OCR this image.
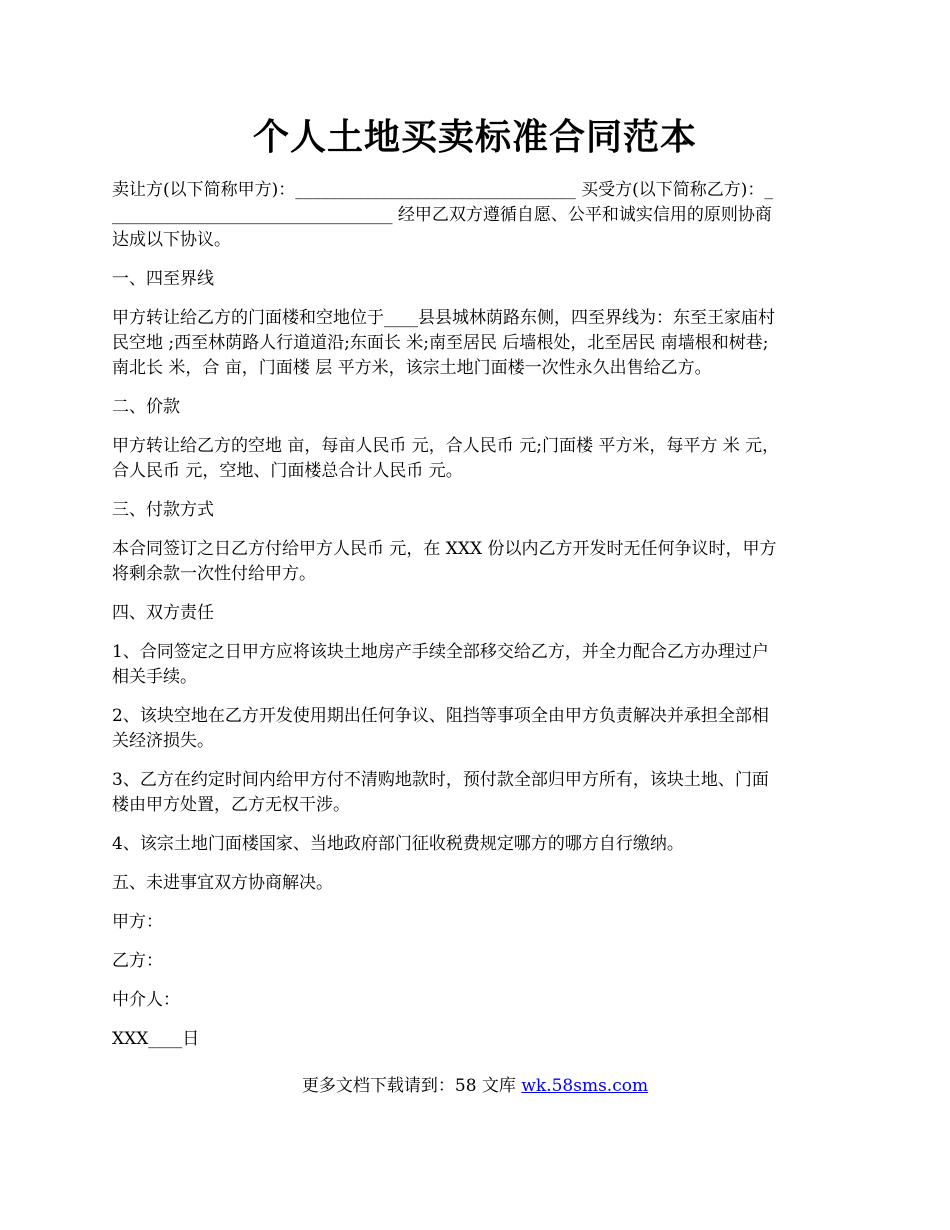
个人土地买卖标准合同范本
卖让方(以下简称甲方)：_________________________________ 买受方(以下简称乙方)：_
_________________________________ 经甲乙双方遵循自愿、公平和诚实信用的原则协商
达成以下协议。
一、四至界线
甲方转让给乙方的门面楼和空地位于____县县城林荫路东侧，四至界线为：东至王家庙村
民空地 ;西至林荫路人行道道沿;东面长 米;南至居民 后墙根处，北至居民 南墙根和树巷;
南北长 米，合 亩，门面楼 层 平方米，该宗土地门面楼一次性永久出售给乙方。
二、价款
甲方转让给乙方的空地 亩，每亩人民币 元，合人民币 元;门面楼 平方米，每平方 米 元，
合人民币 元，空地、门面楼总合计人民币 元。
三、付款方式
本合同签订之日乙方付给甲方人民币 元，在 XXX 份以内乙方开发时无任何争议时，甲方
将剩余款一次性付给甲方。
四、双方责任
1、合同签定之日甲方应将该块土地房产手续全部移交给乙方，并全力配合乙方办理过户
相关手续。
2、该块空地在乙方开发使用期出任何争议、阻挡等事项全由甲方负责解决并承担全部相
关经济损失。
3、乙方在约定时间内给甲方付不清购地款时，预付款全部归甲方所有，该块土地、门面
楼由甲方处置，乙方无权干涉。
4、该宗土地门面楼国家、当地政府部门征收税费规定哪方的哪方自行缴纳。
五、未进事宜双方协商解决。
甲方：
乙方：
中介人：
XXX____日
更多文档下载请到：58 文库 wk.58sms.com
